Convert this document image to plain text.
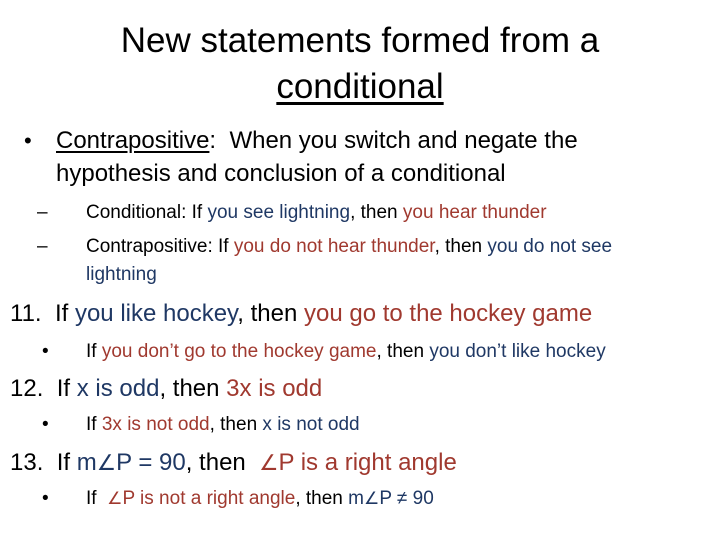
New statements formed from a
conditional
• Contrapositive: When you switch and negate the
hypothesis and conclusion of a conditional
– Conditional: If you see lightning, then you hear thunder
– Contrapositive: If you do not hear thunder, then you do not see
lightning
11. If you like hockey, then you go to the hockey game
• If you don’t go to the hockey game, then you don’t like hockey
12. If x is odd, then 3x is odd
• If 3x is not odd, then x is not odd
13. If m∠P = 90, then  ∠P is a right angle
• If  ∠P is not a right angle, then m∠P ≠ 90
